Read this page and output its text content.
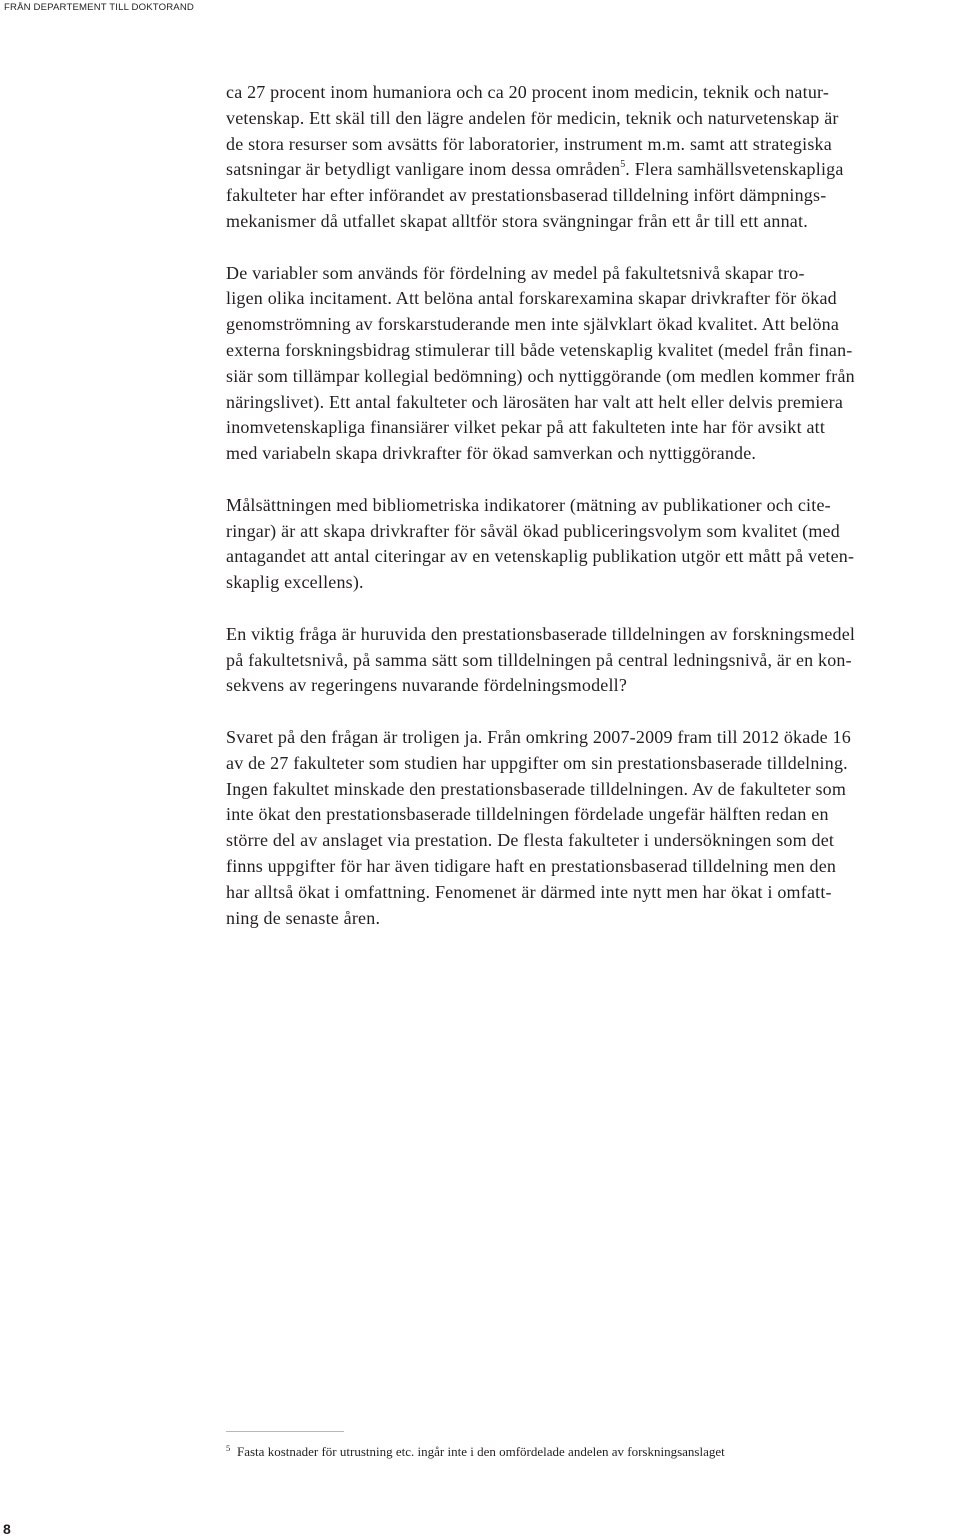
FRÅN DEPARTEMENT TILL DOKTORAND
ca 27 procent inom humaniora och ca 20 procent inom medicin, teknik och natur-
vetenskap. Ett skäl till den lägre andelen för medicin, teknik och naturvetenskap är
de stora resurser som avsätts för laboratorier, instrument m.m. samt att strategiska
satsningar är betydligt vanligare inom dessa områden$^5$. Flera samhällsvetenskapliga
fakulteter har efter införandet av prestationsbaserad tilldelning infört dämpnings-
mekanismer då utfallet skapat alltför stora svängningar från ett år till ett annat.
De variabler som används för fördelning av medel på fakultetsnivå skapar tro-
ligen olika incitament. Att belöna antal forskarexamina skapar drivkrafter för ökad
genomströmning av forskarstuderande men inte självklart ökad kvalitet. Att belöna
externa forskningsbidrag stimulerar till både vetenskaplig kvalitet (medel från finan-
siär som tillämpar kollegial bedömning) och nyttiggörande (om medlen kommer från
näringslivet). Ett antal fakulteter och lärosäten har valt att helt eller delvis premiera
inomvetenskapliga finansiärer vilket pekar på att fakulteten inte har för avsikt att
med variabeln skapa drivkrafter för ökad samverkan och nyttiggörande.
Målsättningen med bibliometriska indikatorer (mätning av publikationer och cite-
ringar) är att skapa drivkrafter för såväl ökad publiceringsvolym som kvalitet (med
antagandet att antal citeringar av en vetenskaplig publikation utgör ett mått på veten-
skaplig excellens).
En viktig fråga är huruvida den prestationsbaserade tilldelningen av forskningsmedel
på fakultetsnivå, på samma sätt som tilldelningen på central ledningsnivå, är en kon-
sekvens av regeringens nuvarande fördelningsmodell?
Svaret på den frågan är troligen ja. Från omkring 2007-2009 fram till 2012 ökade 16
av de 27 fakulteter som studien har uppgifter om sin prestationsbaserade tilldelning.
Ingen fakultet minskade den prestationsbaserade tilldelningen. Av de fakulteter som
inte ökat den prestationsbaserade tilldelningen fördelade ungefär hälften redan en
större del av anslaget via prestation. De flesta fakulteter i undersökningen som det
finns uppgifter för har även tidigare haft en prestationsbaserad tilldelning men den
har alltså ökat i omfattning. Fenomenet är därmed inte nytt men har ökat i omfatt-
ning de senaste åren.
5 Fasta kostnader för utrustning etc. ingår inte i den omfördelade andelen av forskningsanslaget
8
